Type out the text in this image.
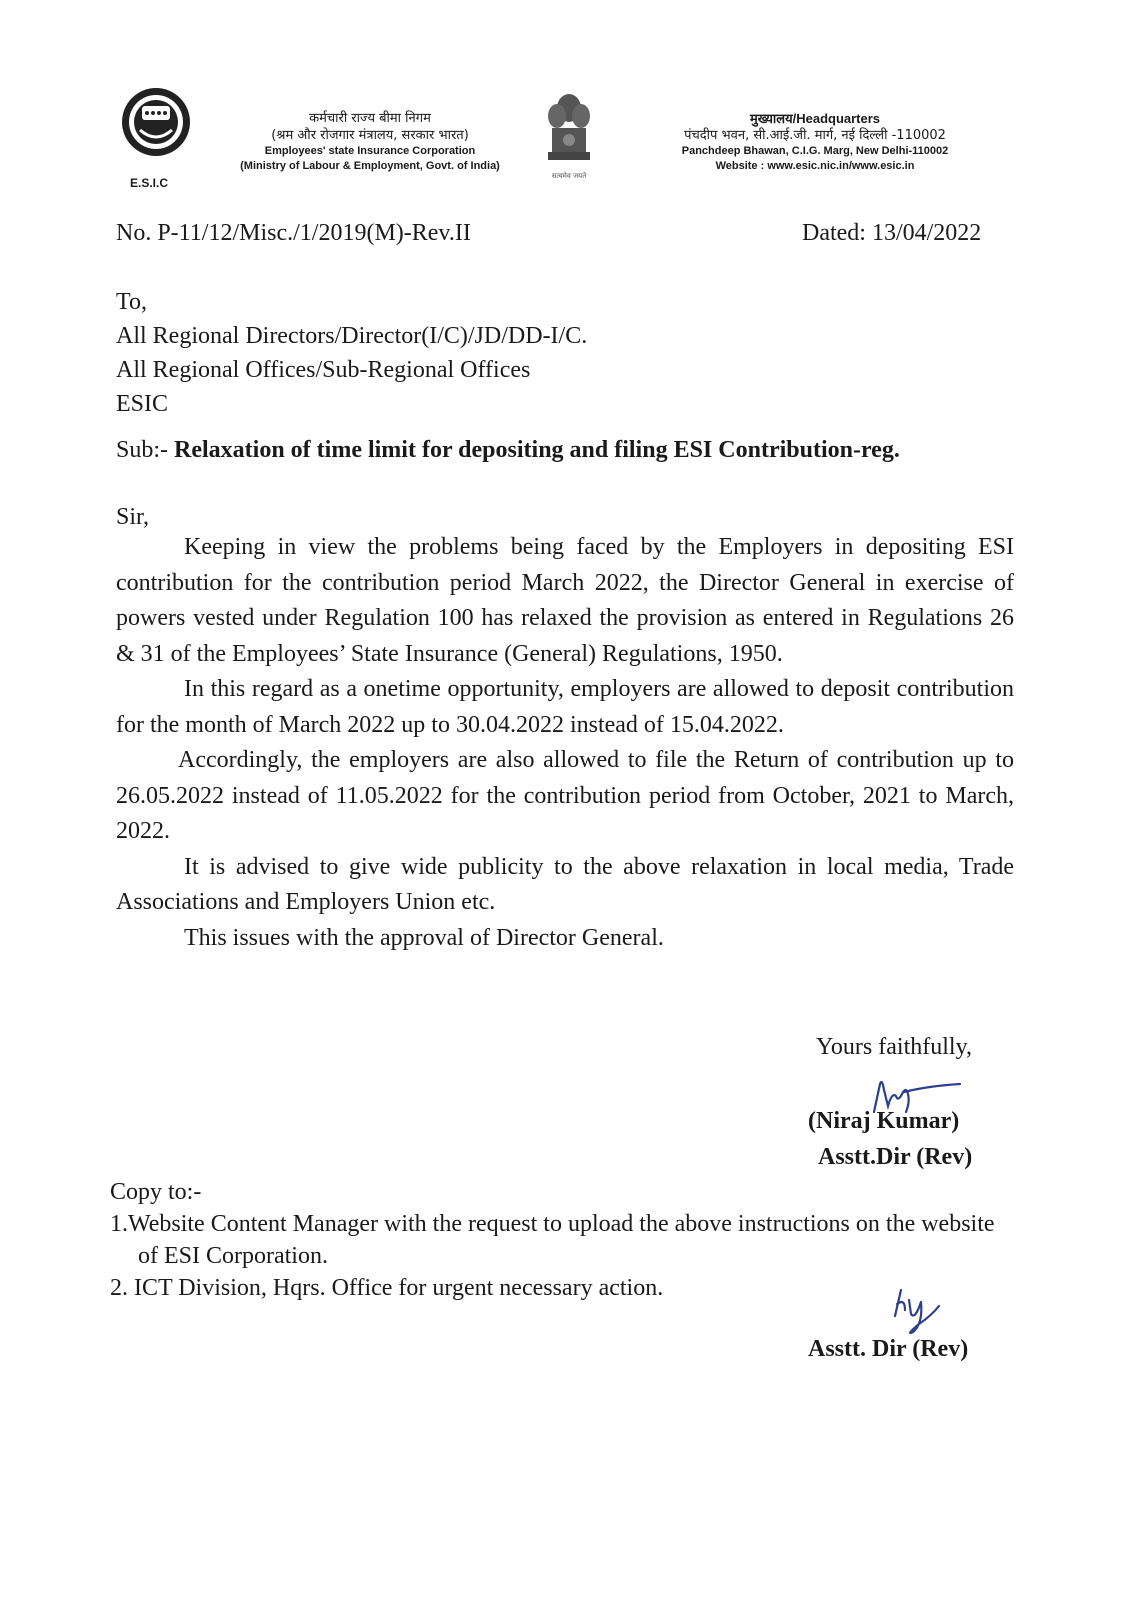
E.S.I.C
कर्मचारी राज्य बीमा निगम
(श्रम और रोजगार मंत्रालय, सरकार भारत)
Employees' state Insurance Corporation
(Ministry of Labour & Employment, Govt. of India)
सत्यमेव जयते
मुख्यालय/Headquarters
पंचदीप भवन, सी.आई.जी. मार्ग, नई दिल्ली -110002
Panchdeep Bhawan, C.I.G. Marg, New Delhi-110002
Website : www.esic.nic.in/www.esic.in
No. P-11/12/Misc./1/2019(M)-Rev.II	Dated: 13/04/2022
To,
All Regional Directors/Director(I/C)/JD/DD-I/C.
All Regional Offices/Sub-Regional Offices
ESIC
Sub:- Relaxation of time limit for depositing and filing ESI Contribution-reg.
Sir,

Keeping in view the problems being faced by the Employers in depositing ESI contribution for the contribution period March 2022, the Director General in exercise of powers vested under Regulation 100 has relaxed the provision as entered in Regulations 26 & 31 of the Employees’ State Insurance (General) Regulations, 1950.

In this regard as a onetime opportunity, employers are allowed to deposit contribution for the month of March 2022 up to 30.04.2022 instead of 15.04.2022.

Accordingly, the employers are also allowed to file the Return of contribution up to 26.05.2022 instead of 11.05.2022 for the contribution period from October, 2021 to March, 2022.

It is advised to give wide publicity to the above relaxation in local media, Trade Associations and Employers Union etc.

This issues with the approval of Director General.

Yours faithfully,
(Niraj Kumar)
Asstt.Dir (Rev)
Copy to:-
1.Website Content Manager with the request to upload the above instructions on the website of ESI Corporation.
2. ICT Division, Hqrs. Office for urgent necessary action.
Asstt. Dir (Rev)
